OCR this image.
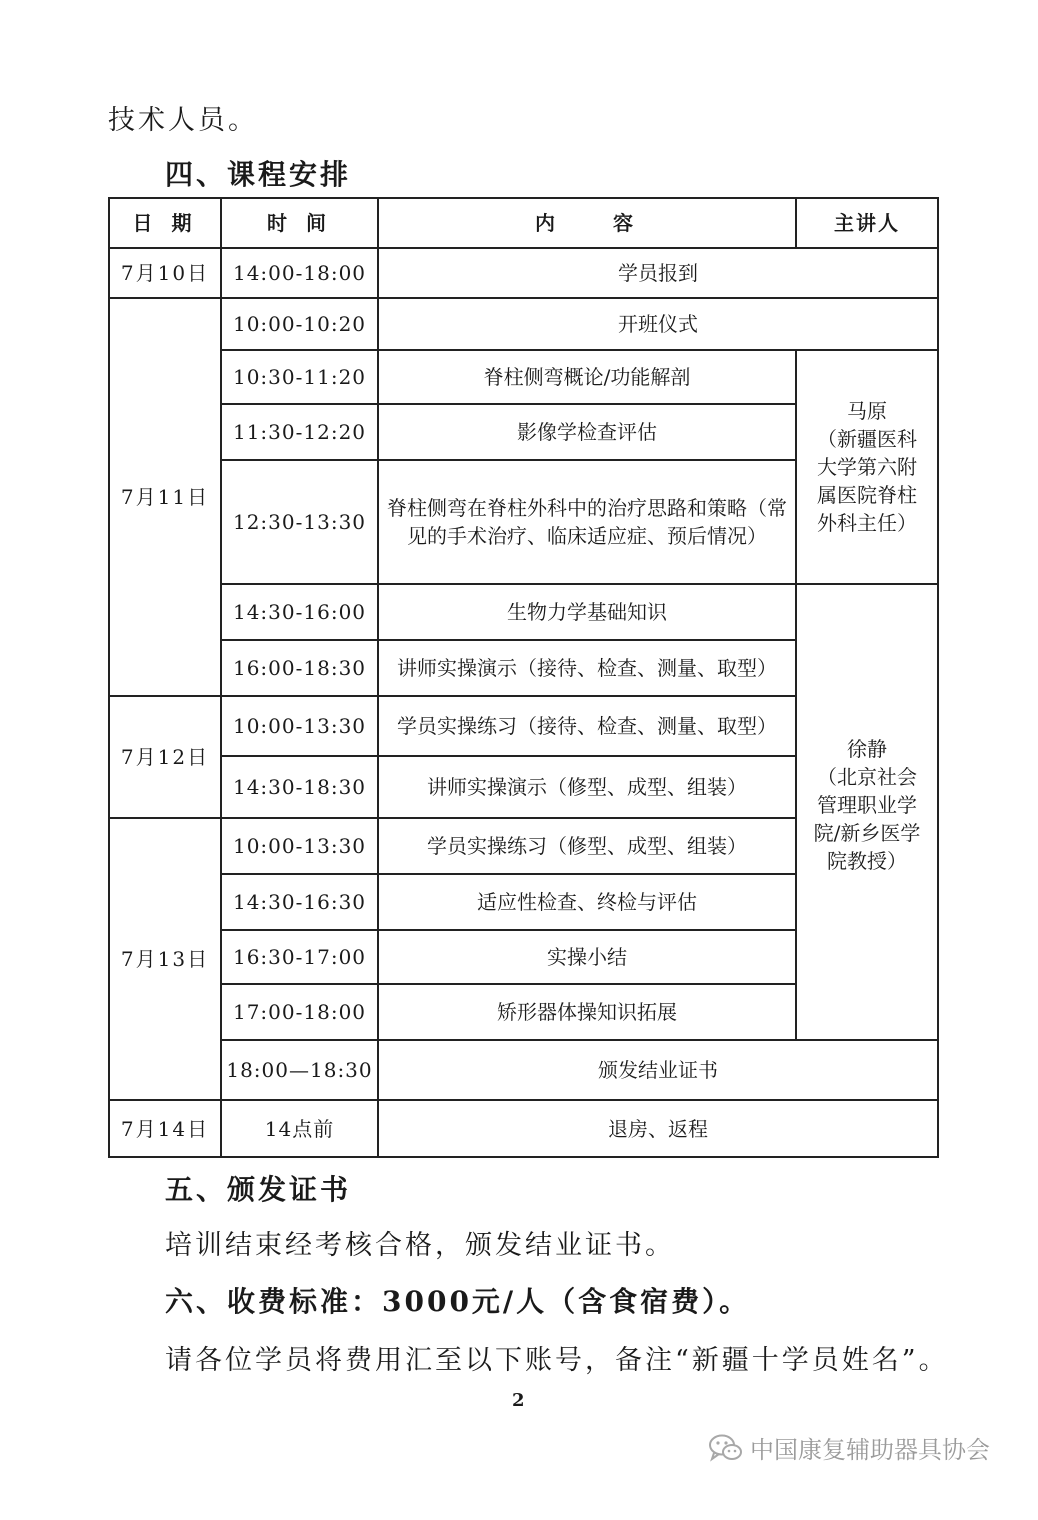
技术人员。
四、课程安排
日 期	时 间	内　　容	主讲人
7月10日	14:00-18:00	学员报到	
7月11日	10:00-10:20	开班仪式	
	10:30-11:20	脊柱侧弯概论/功能解剖	马原
（新疆医科大学第六附属医院脊柱外科主任）

	11:30-12:20	影像学检查评估	
	12:30-13:30	脊柱侧弯在脊柱外科中的治疗思路和策略（常见的手术治疗、临床适应症、预后情况）	
	14:30-16:00	生物力学基础知识	徐静
（北京社会管理职业学院/新乡医学院教授）

	16:00-18:30	讲师实操演示（接待、检查、测量、取型）	
7月12日	10:00-13:30	学员实操练习（接待、检查、测量、取型）	
	14:30-18:30	讲师实操演示（修型、成型、组装）	
7月13日	10:00-13:30	学员实操练习（修型、成型、组装）	
	14:30-16:30	适应性检查、终检与评估	
	16:30-17:00	实操小结	
	17:00-18:00	矫形器体操知识拓展	
	18:00—18:30	颁发结业证书	
7月14日	14点前	退房、返程	
五、颁发证书
培训结束经考核合格，颁发结业证书。
六、收费标准：3000元/人（含食宿费）。
请各位学员将费用汇至以下账号，备注“新疆十学员姓名”。
2
中国康复辅助器具协会
